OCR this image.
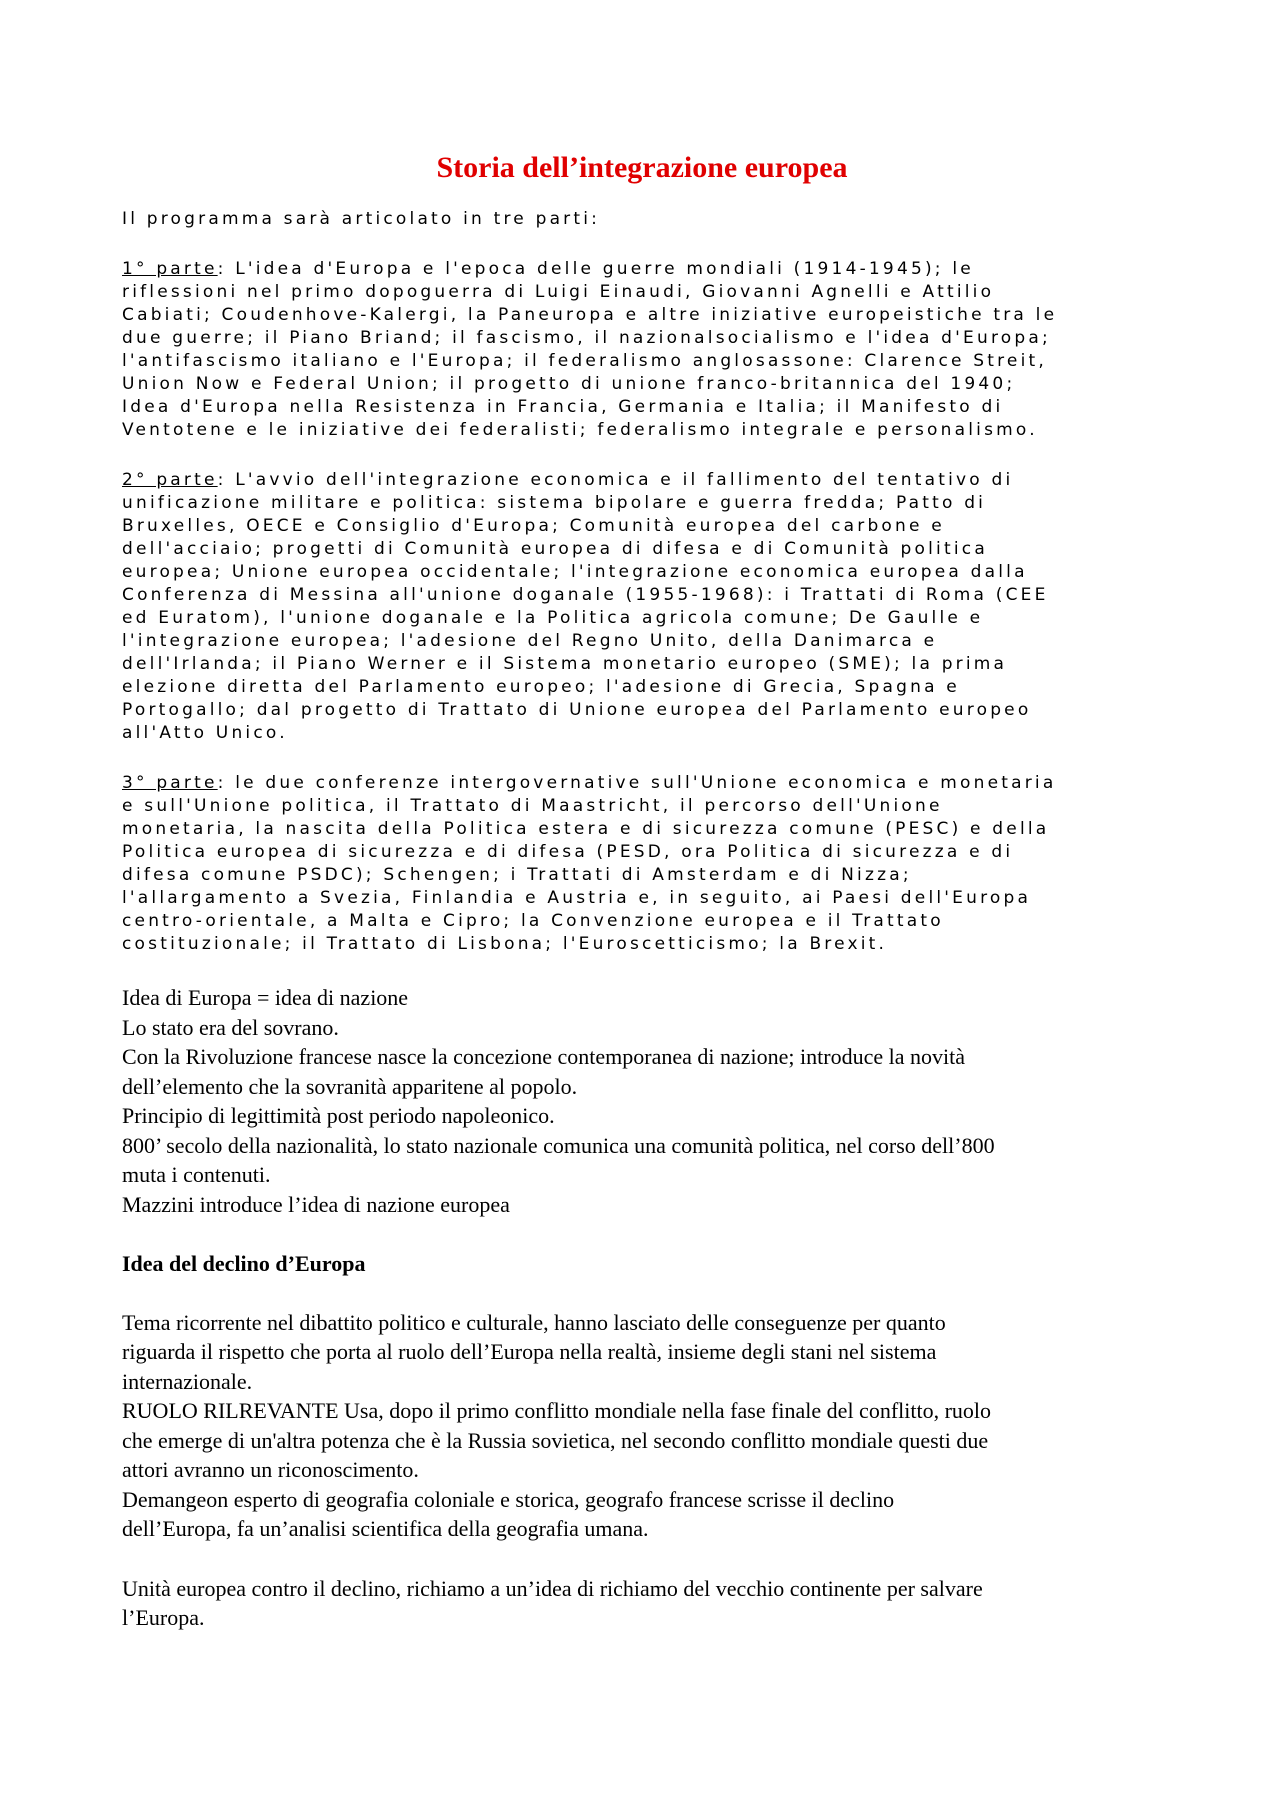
Storia dell’integrazione europea

Il programma sarà articolato in tre parti:

1° parte: L'idea d'Europa e l'epoca delle guerre mondiali (1914-1945); le
riflessioni nel primo dopoguerra di Luigi Einaudi, Giovanni Agnelli e Attilio
Cabiati; Coudenhove-Kalergi, la Paneuropa e altre iniziative europeistiche tra le
due guerre; il Piano Briand; il fascismo, il nazionalsocialismo e l'idea d'Europa;
l'antifascismo italiano e l'Europa; il federalismo anglosassone: Clarence Streit,
Union Now e Federal Union; il progetto di unione franco-britannica del 1940;
Idea d'Europa nella Resistenza in Francia, Germania e Italia; il Manifesto di
Ventotene e le iniziative dei federalisti; federalismo integrale e personalismo.
2° parte: L'avvio dell'integrazione economica e il fallimento del tentativo di
unificazione militare e politica: sistema bipolare e guerra fredda; Patto di
Bruxelles, OECE e Consiglio d'Europa; Comunità europea del carbone e
dell'acciaio; progetti di Comunità europea di difesa e di Comunità politica
europea; Unione europea occidentale; l'integrazione economica europea dalla
Conferenza di Messina all'unione doganale (1955-1968): i Trattati di Roma (CEE
ed Euratom), l'unione doganale e la Politica agricola comune; De Gaulle e
l'integrazione europea; l'adesione del Regno Unito, della Danimarca e
dell'Irlanda; il Piano Werner e il Sistema monetario europeo (SME); la prima
elezione diretta del Parlamento europeo; l'adesione di Grecia, Spagna e
Portogallo; dal progetto di Trattato di Unione europea del Parlamento europeo
all'Atto Unico.
3° parte: le due conferenze intergovernative sull'Unione economica e monetaria
e sull'Unione politica, il Trattato di Maastricht, il percorso dell'Unione
monetaria, la nascita della Politica estera e di sicurezza comune (PESC) e della
Politica europea di sicurezza e di difesa (PESD, ora Politica di sicurezza e di
difesa comune PSDC); Schengen; i Trattati di Amsterdam e di Nizza;
l'allargamento a Svezia, Finlandia e Austria e, in seguito, ai Paesi dell'Europa
centro-orientale, a Malta e Cipro; la Convenzione europea e il Trattato
costituzionale; il Trattato di Lisbona; l'Euroscetticismo; la Brexit.
Idea di Europa = idea di nazione
Lo stato era del sovrano.
Con la Rivoluzione francese nasce la concezione contemporanea di nazione; introduce la novità
dell’elemento che la sovranità apparitene al popolo.
Principio di legittimità post periodo napoleonico.
800’ secolo della nazionalità, lo stato nazionale comunica una comunità politica, nel corso dell’800
muta i contenuti.
Mazzini introduce l’idea di nazione europea
Idea del declino d’Europa
Tema ricorrente nel dibattito politico e culturale, hanno lasciato delle conseguenze per quanto
riguarda il rispetto che porta al ruolo dell’Europa nella realtà, insieme degli stani nel sistema
internazionale.
RUOLO RILREVANTE Usa, dopo il primo conflitto mondiale nella fase finale del conflitto, ruolo
che emerge di un'altra potenza che è la Russia sovietica, nel secondo conflitto mondiale questi due
attori avranno un riconoscimento.
Demangeon esperto di geografia coloniale e storica, geografo francese scrisse il declino
dell’Europa, fa un’analisi scientifica della geografia umana.
Unità europea contro il declino, richiamo a un’idea di richiamo del vecchio continente per salvare
l’Europa.
